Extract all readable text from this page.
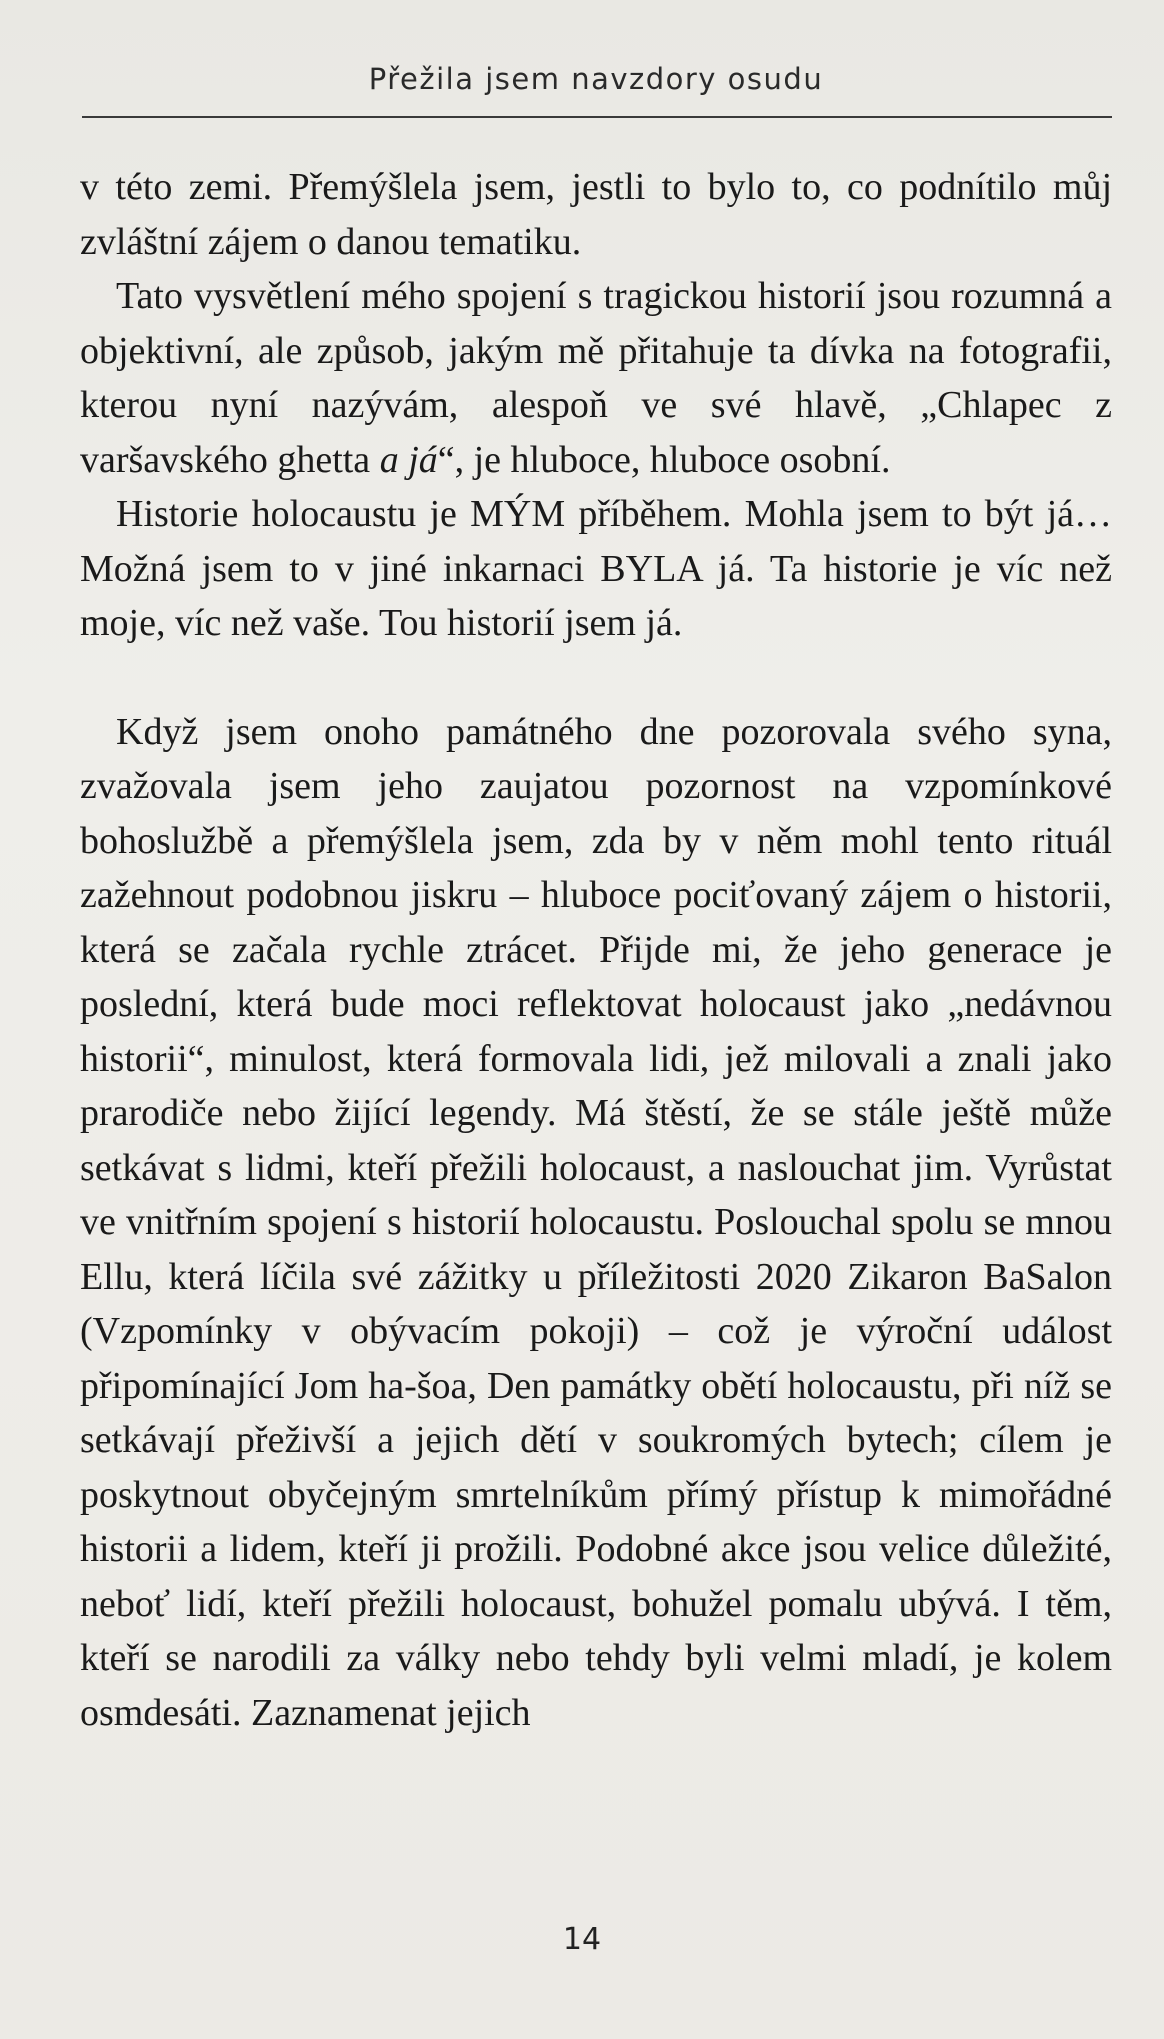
Přežila jsem navzdory osudu

v této zemi. Přemýšlela jsem, jestli to bylo to, co podnítilo můj zvláštní zájem o danou tematiku.

Tato vysvětlení mého spojení s tragickou historií jsou rozumná a objektivní, ale způsob, jakým mě přitahuje ta dívka na fotografii, kterou nyní nazývám, alespoň ve své hlavě, „Chlapec z varšavského ghetta a já“, je hluboce, hluboce osobní.

Historie holocaustu je MÝM příběhem. Mohla jsem to být já… Možná jsem to v jiné inkarnaci BYLA já. Ta historie je víc než moje, víc než vaše. Tou historií jsem já.

Když jsem onoho památného dne pozorovala svého syna, zvažovala jsem jeho zaujatou pozornost na vzpomínkové bohoslužbě a přemýšlela jsem, zda by v něm mohl tento rituál zažehnout podobnou jiskru – hluboce pociťovaný zájem o historii, která se začala rychle ztrácet. Přijde mi, že jeho generace je poslední, která bude moci reflektovat holocaust jako „nedávnou historii“, minulost, která formovala lidi, jež milovali a znali jako prarodiče nebo žijící legendy. Má štěstí, že se stále ještě může setkávat s lidmi, kteří přežili holocaust, a naslouchat jim. Vyrůstat ve vnitřním spojení s historií holocaustu. Poslouchal spolu se mnou Ellu, která líčila své zážitky u příležitosti 2020 Zikaron BaSalon (Vzpomínky v obývacím pokoji) – což je výroční událost připomínající Jom ha-šoa, Den památky obětí holocaustu, při níž se setkávají přeživší a jejich dětí v soukromých bytech; cílem je poskytnout obyčejným smrtelníkům přímý přístup k mimořádné historii a lidem, kteří ji prožili. Podobné akce jsou velice důležité, neboť lidí, kteří přežili holocaust, bohužel pomalu ubývá. I těm, kteří se narodili za války nebo tehdy byli velmi mladí, je kolem osmdesáti. Zaznamenat jejich

14
